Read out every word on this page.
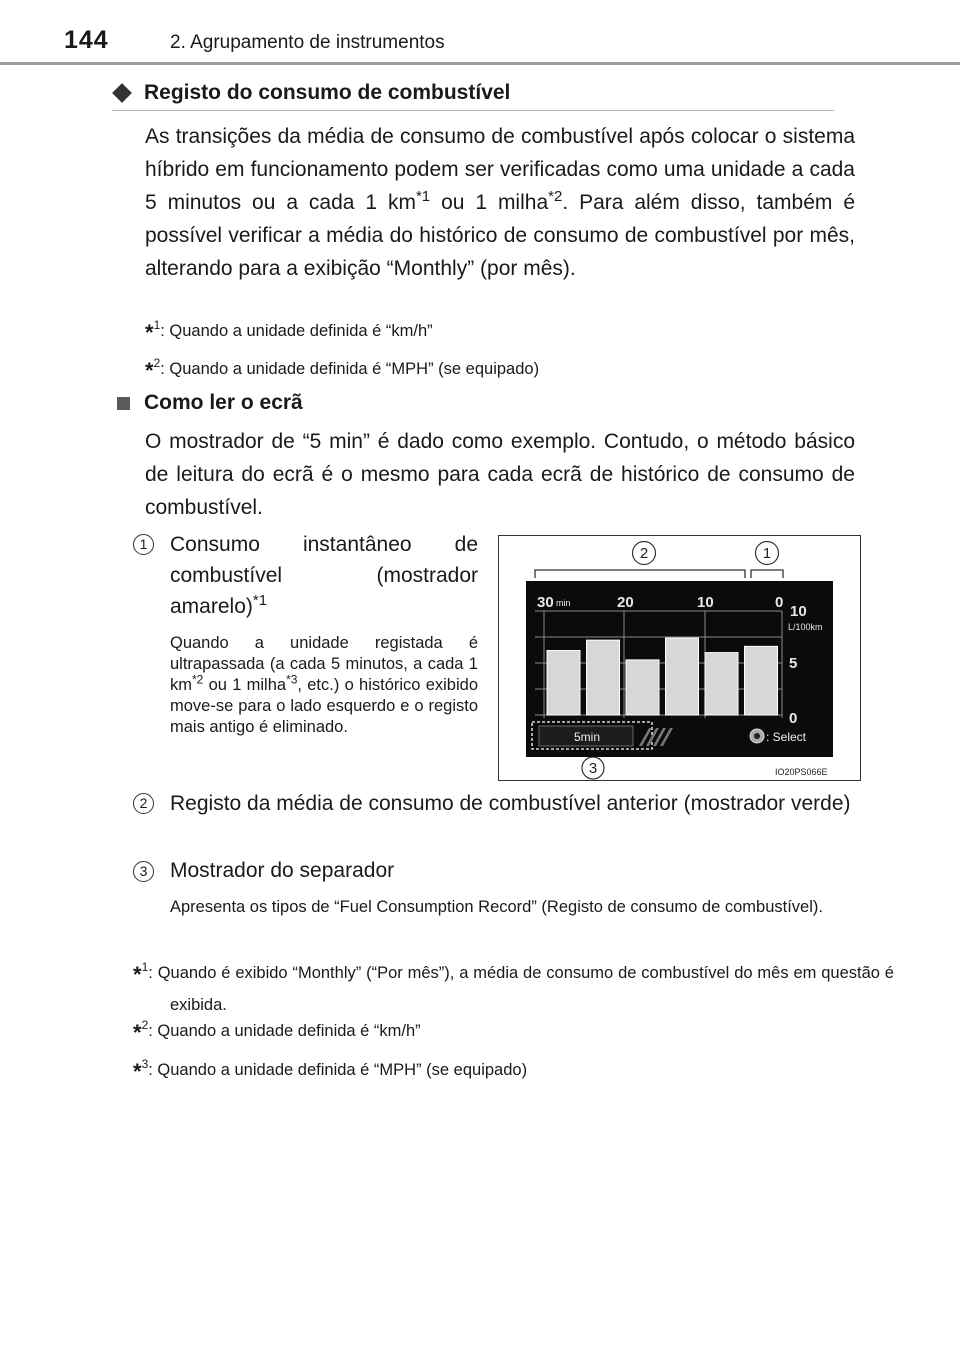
144	2. Agrupamento de instrumentos
Registo do consumo de combustível
As transições da média de consumo de combustível após colocar o sistema híbrido em funcionamento podem ser verificadas como uma unidade a cada 5 minutos ou a cada 1 $km^{*1}$ ou 1 milha$^{*2}$. Para além disso, também é possível verificar a média do histórico de consumo de combustível por mês, alterando para a exibição “Monthly” (por mês).
*$^1$: Quando a unidade definida é “km/h”
*$^2$: Quando a unidade definida é “MPH” (se equipado)
Como ler o ecrã
O mostrador de “5 min” é dado como exemplo. Contudo, o método básico de leitura do ecrã é o mesmo para cada ecrã de histórico de consumo de combustível.
1	Consumo instantâneo de combustível (mostrador amarelo)$^{*1}$
Quando a unidade registada é ultrapassada (a cada 5 minutos, a cada 1 $km^{*2}$ ou 1 milha$^{*3}$, etc.) o histórico exibido move-se para o lado esquerdo e o registo mais antigo é eliminado.
2	1
3
30 min	20	10	0
10
L/100km
5
0
5min	: Select
IO20PS066E
2	Registo da média de consumo de combustível anterior (mostrador verde)
3	Mostrador do separador
Apresenta os tipos de “Fuel Consumption Record” (Registo de consumo de combustível).
*$^1$: Quando é exibido “Monthly” (“Por mês”), a média de consumo de combustível do mês em questão é exibida.
*$^2$: Quando a unidade definida é “km/h”
*$^3$: Quando a unidade definida é “MPH” (se equipado)
